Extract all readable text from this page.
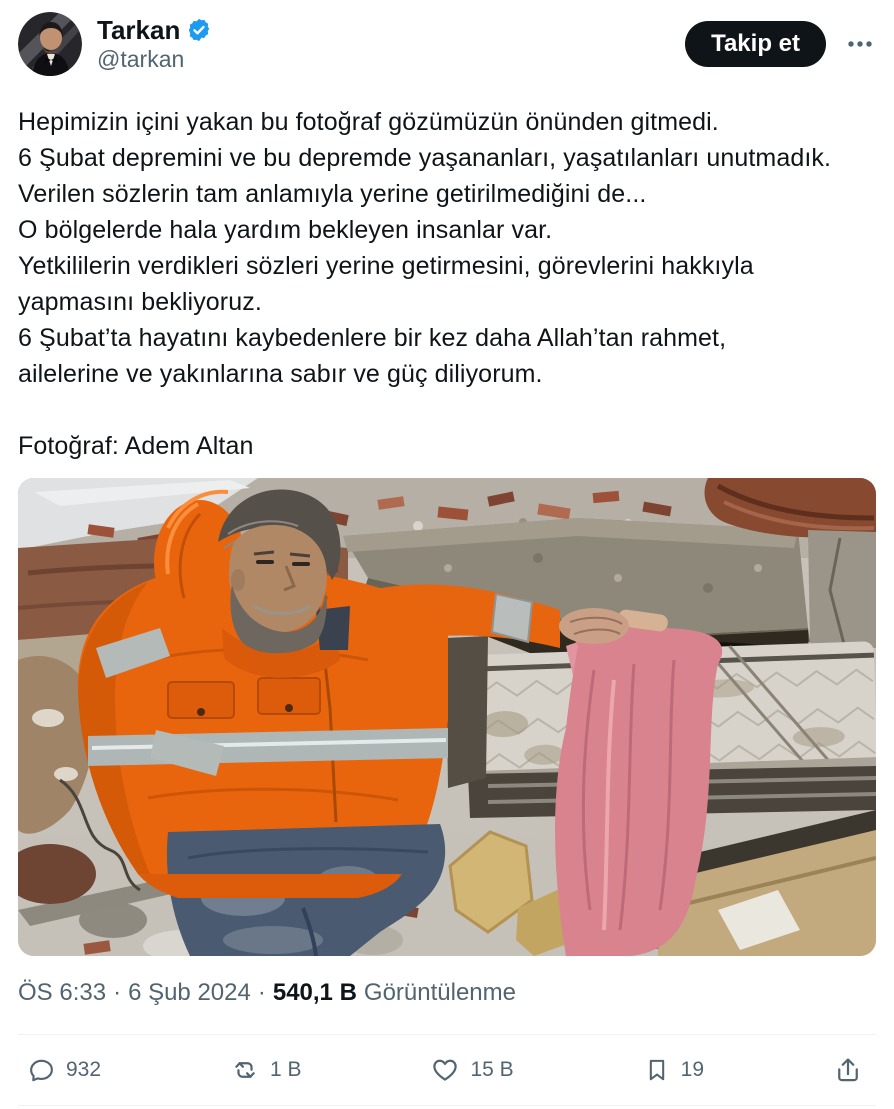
Tarkan
@tarkan
Takip et
Hepimizin içini yakan bu fotoğraf gözümüzün önünden gitmedi.
6 Şubat depremini ve bu depremde yaşananları, yaşatılanları unutmadık.
Verilen sözlerin tam anlamıyla yerine getirilmediğini de...
O bölgelerde hala yardım bekleyen insanlar var.
Yetkililerin verdikleri sözleri yerine getirmesini, görevlerini hakkıyla
yapmasını bekliyoruz.
6 Şubat’ta hayatını kaybedenlere bir kez daha Allah’tan rahmet,
ailelerine ve yakınlarına sabır ve güç diliyorum.
Fotoğraf: Adem Altan
ÖS 6:33 · 6 Şub 2024 · 540,1 B Görüntülenme
932	1 B	15 B	19
